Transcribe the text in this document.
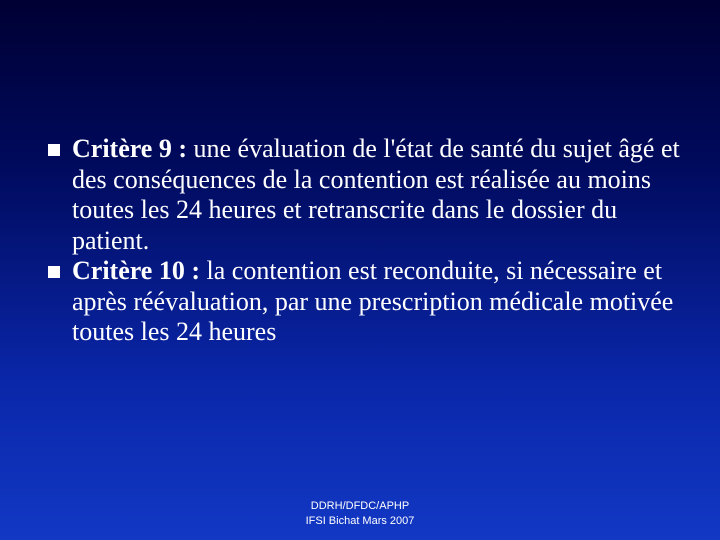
Critère 9 : une évaluation de l'état de santé du sujet âgé et des conséquences de la contention est réalisée au moins toutes les 24 heures et retranscrite dans le dossier du patient.
Critère 10 : la contention est reconduite, si nécessaire et après réévaluation, par une prescription médicale motivée toutes les 24 heures
DDRH/DFDC/APHP
IFSI Bichat Mars 2007
